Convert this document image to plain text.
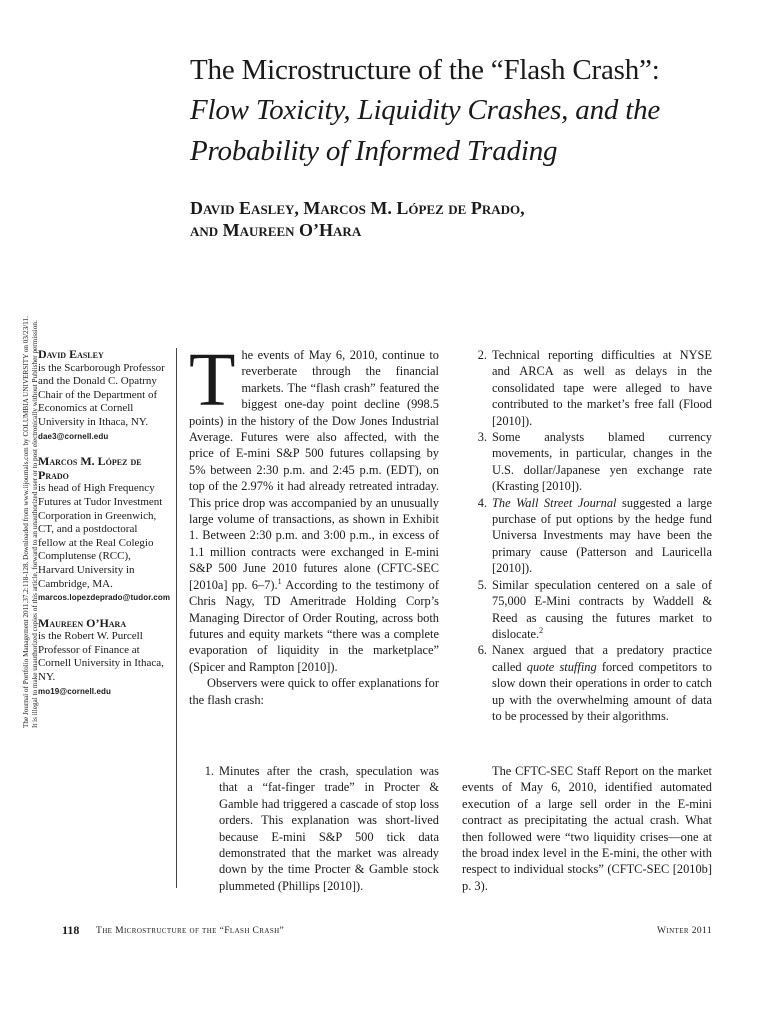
The Microstructure of the “Flash Crash”:
Flow Toxicity, Liquidity Crashes, and the
Probability of Informed Trading
David Easley, Marcos M. López de Prado,
and Maureen O’Hara
The Journal of Portfolio Management 2011.37.2:118-128. Downloaded from www.iijournals.com by COLUMBIA UNIVERSITY on 03/23/11. It is illegal to make unauthorized copies of this article, forward to an unauthorized user or to post electronically without Publisher permission. David Easley
is the Scarborough Professor and the Donald C. Opatrny Chair of the Department of Economics at Cornell University in Ithaca, NY.
dae3@cornell.edu
Marcos M. López de Prado
is head of High Frequency Futures at Tudor Investment Corporation in Greenwich, CT, and a postdoctoral fellow at the Real Colegio Complutense (RCC), Harvard University in Cambridge, MA.
marcos.lopezdeprado@tudor.com
Maureen O’Hara
is the Robert W. Purcell Professor of Finance at Cornell University in Ithaca, NY.
mo19@cornell.edu

The events of May 6, 2010, continue to reverberate through the financial markets. The “flash crash” featured the biggest one-day point decline (998.5 points) in the history of the Dow Jones Industrial Average. Futures were also affected, with the price of E-mini S&P 500 futures collapsing by 5% between 2:30 p.m. and 2:45 p.m. (EDT), on top of the 2.97% it had already retreated intraday. This price drop was accompanied by an unusually large volume of transactions, as shown in Exhibit 1. Between 2:30 p.m. and 3:00 p.m., in excess of 1.1 million contracts were exchanged in E-mini S&P 500 June 2010 futures alone (CFTC-SEC [2010a] pp. 6–7).$^1$ According to the testimony of Chris Nagy, TD Ameritrade Holding Corp’s Managing Director of Order Routing, across both futures and equity markets “there was a complete evaporation of liquidity in the marketplace” (Spicer and Rampton [2010]).

Observers were quick to offer explanations for the flash crash:

1. Minutes after the crash, speculation was that a “fat-finger trade” in Procter & Gamble had triggered a cascade of stop loss orders. This explanation was short-lived because E-mini S&P 500 tick data demonstrated that the market was already down by the time Procter & Gamble stock plummeted (Phillips [2010]).
2. Technical reporting difficulties at NYSE and ARCA as well as delays in the consolidated tape were alleged to have contributed to the market’s free fall (Flood [2010]).
3. Some analysts blamed currency movements, in particular, changes in the U.S. dollar/Japanese yen exchange rate (Krasting [2010]).
4. The Wall Street Journal suggested a large purchase of put options by the hedge fund Universa Investments may have been the primary cause (Patterson and Lauricella [2010]).
5. Similar speculation centered on a sale of 75,000 E-Mini contracts by Waddell & Reed as causing the futures market to dislocate.$^2$
6. Nanex argued that a predatory practice called quote stuffing forced competitors to slow down their operations in order to catch up with the overwhelming amount of data to be processed by their algorithms.

The CFTC-SEC Staff Report on the market events of May 6, 2010, identified automated execution of a large sell order in the E-mini contract as precipitating the actual crash. What then followed were “two liquidity crises—one at the broad index level in the E-mini, the other with respect to individual stocks” (CFTC-SEC [2010b] p. 3).

118 The Microstructure of the “Flash Crash”	Winter 2011
